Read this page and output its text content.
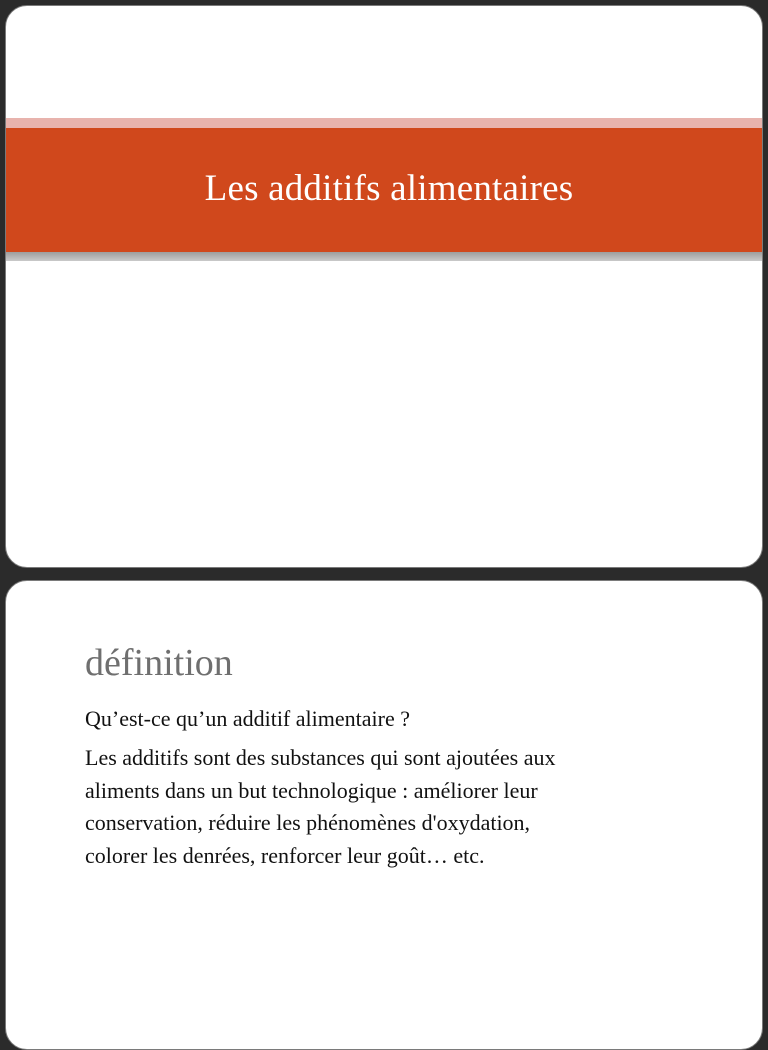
Les additifs alimentaires
définition

Qu’est-ce qu’un additif alimentaire ?

Les additifs sont des substances qui sont ajoutées aux
aliments dans un but technologique : améliorer leur
conservation, réduire les phénomènes d'oxydation,
colorer les denrées, renforcer leur goût… etc.
